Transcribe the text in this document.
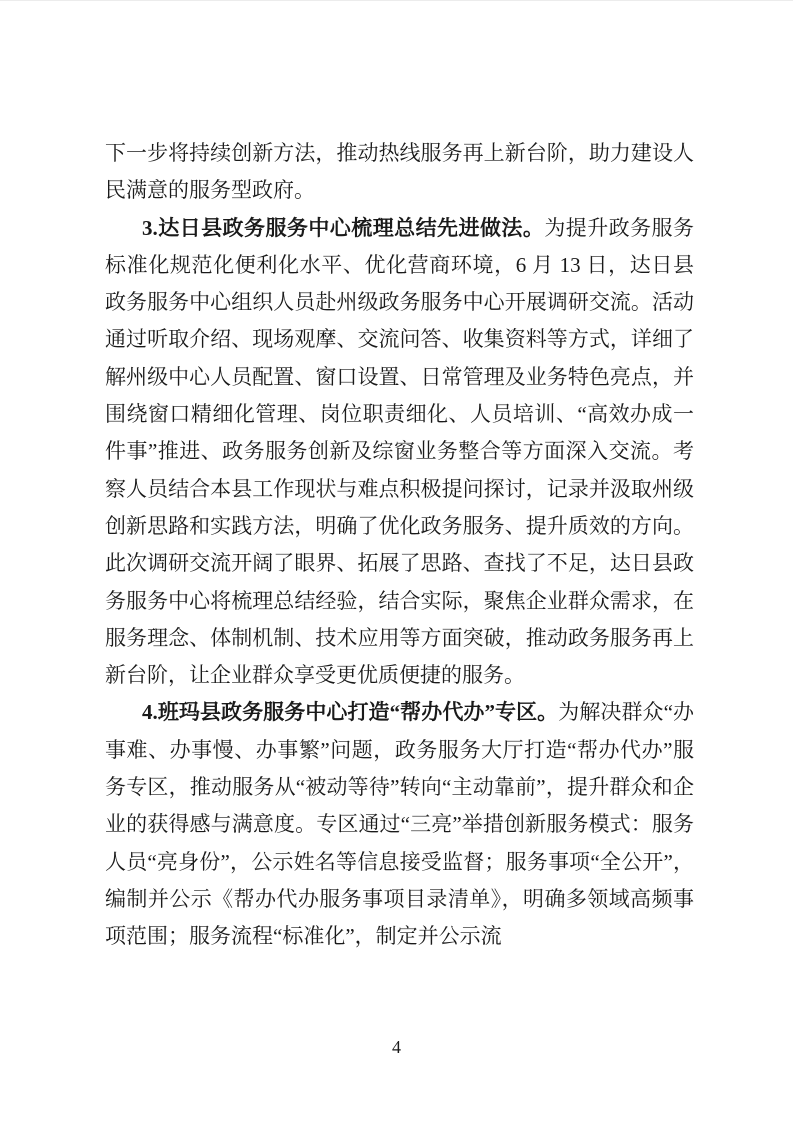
下一步将持续创新方法，推动热线服务再上新台阶，助力建设人民满意的服务型政府。

3.达日县政务服务中心梳理总结先进做法。为提升政务服务标准化规范化便利化水平、优化营商环境，6 月 13 日，达日县政务服务中心组织人员赴州级政务服务中心开展调研交流。活动通过听取介绍、现场观摩、交流问答、收集资料等方式，详细了解州级中心人员配置、窗口设置、日常管理及业务特色亮点，并围绕窗口精细化管理、岗位职责细化、人员培训、“高效办成一件事”推进、政务服务创新及综窗业务整合等方面深入交流。考察人员结合本县工作现状与难点积极提问探讨，记录并汲取州级创新思路和实践方法，明确了优化政务服务、提升质效的方向。此次调研交流开阔了眼界、拓展了思路、查找了不足，达日县政务服务中心将梳理总结经验，结合实际，聚焦企业群众需求，在服务理念、体制机制、技术应用等方面突破，推动政务服务再上新台阶，让企业群众享受更优质便捷的服务。

4.班玛县政务服务中心打造“帮办代办”专区。为解决群众“办事难、办事慢、办事繁”问题，政务服务大厅打造“帮办代办”服务专区，推动服务从“被动等待”转向“主动靠前”，提升群众和企业的获得感与满意度。专区通过“三亮”举措创新服务模式：服务人员“亮身份”，公示姓名等信息接受监督；服务事项“全公开”，编制并公示《帮办代办服务事项目录清单》，明确多领域高频事项范围；服务流程“标准化”，制定并公示流

4
